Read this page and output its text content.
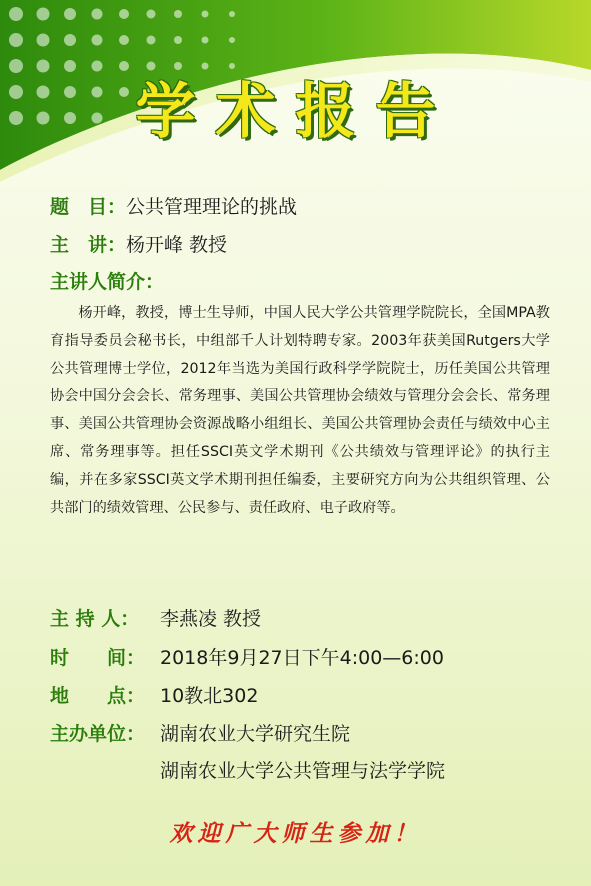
学术报告
题　目：公共管理理论的挑战
主　讲：杨开峰 教授
主讲人简介：
杨开峰，教授，博士生导师，中国人民大学公共管理学院院长，全国MPA教育指导委员会秘书长，中组部千人计划特聘专家。2003年获美国Rutgers大学公共管理博士学位，2012年当选为美国行政科学学院院士，历任美国公共管理协会中国分会会长、常务理事、美国公共管理协会绩效与管理分会会长、常务理事、美国公共管理协会资源战略小组组长、美国公共管理协会责任与绩效中心主席、常务理事等。担任SSCI英文学术期刊《公共绩效与管理评论》的执行主编，并在多家SSCI英文学术期刊担任编委，主要研究方向为公共组织管理、公共部门的绩效管理、公民参与、责任政府、电子政府等。
主 持 人： 李燕凌 教授
时　　间： 2018年9月27日下午4:00—6:00
地　　点： 10教北302
主办单位： 湖南农业大学研究生院
湖南农业大学公共管理与法学学院
欢迎广大师生参加！
